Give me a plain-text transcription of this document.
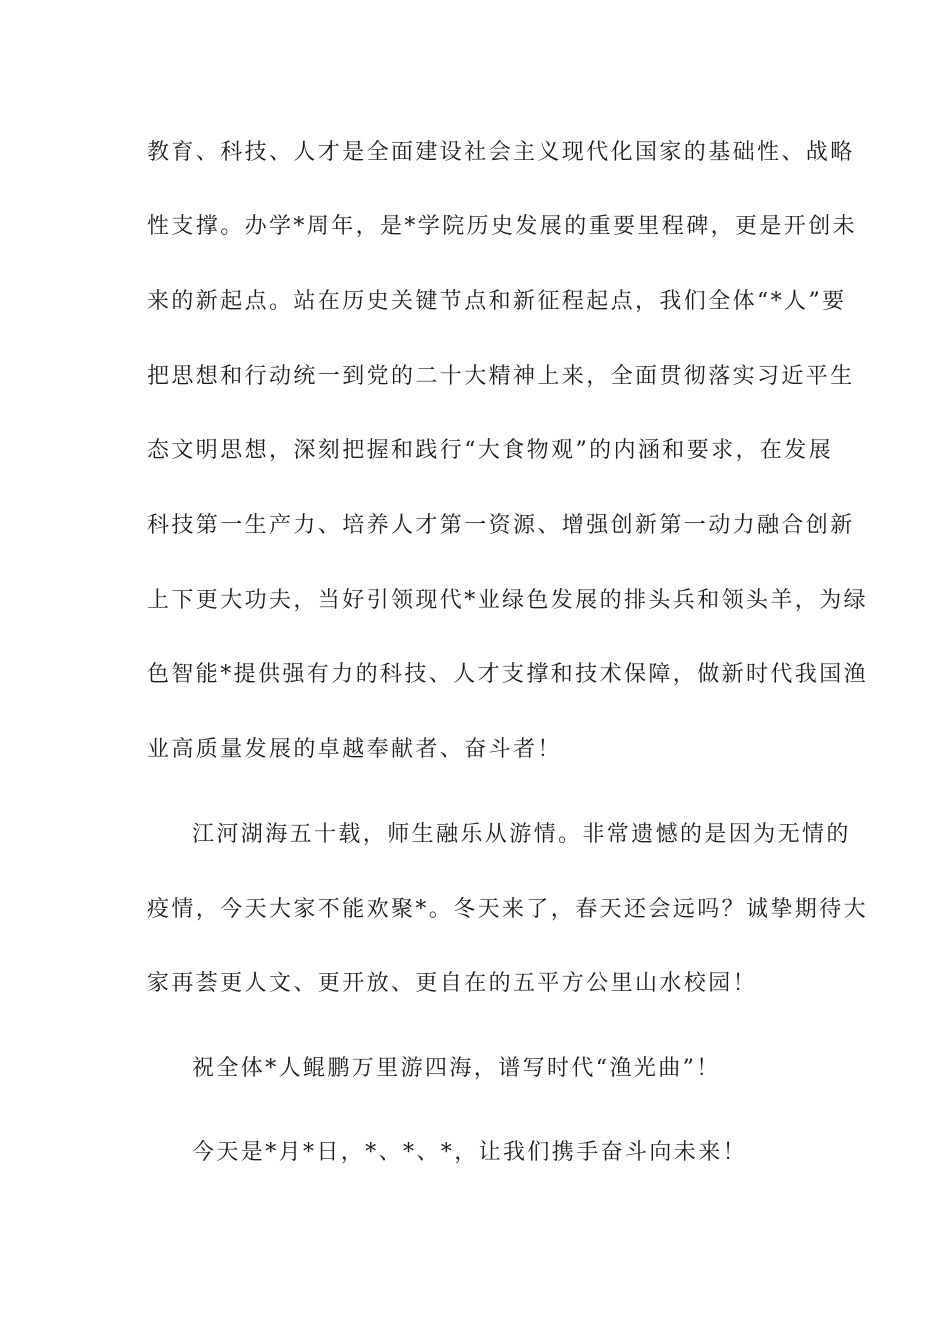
教育、科技、人才是全面建设社会主义现代化国家的基础性、战略
性支撑。办学*周年，是*学院历史发展的重要里程碑，更是开创未
来的新起点。站在历史关键节点和新征程起点，我们全体“*人”要
把思想和行动统一到党的二十大精神上来，全面贯彻落实习近平生
态文明思想，深刻把握和践行“大食物观”的内涵和要求，在发展
科技第一生产力、培养人才第一资源、增强创新第一动力融合创新
上下更大功夫，当好引领现代*业绿色发展的排头兵和领头羊，为绿
色智能*提供强有力的科技、人才支撑和技术保障，做新时代我国渔
业高质量发展的卓越奉献者、奋斗者！
江河湖海五十载，师生融乐从游情。非常遗憾的是因为无情的
疫情，今天大家不能欢聚*。冬天来了，春天还会远吗？诚挚期待大
家再荟更人文、更开放、更自在的五平方公里山水校园！
祝全体*人鲲鹏万里游四海，谱写时代“渔光曲”！
今天是*月*日，*、*、*，让我们携手奋斗向未来！
